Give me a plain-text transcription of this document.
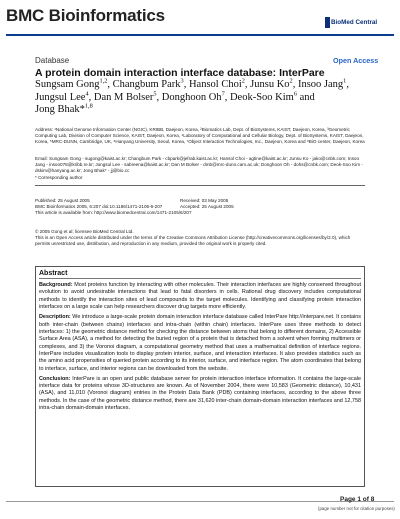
BMC Bioinformatics	BioMed Central
Database	Open Access
A protein domain interaction interface database: InterPare
Sungsam Gong$^{1,2}$, Changbum Park$^3$, Hansol Choi$^2$, Junsu Ko$^2$, Insoo Jang$^1$,
Jungsul Lee$^4$, Dan M Bolser$^5$, Donghoon Oh$^7$, Deok-Soo Kim$^6$ and
Jong Bhak*$^{1,8}$
Address: ¹National Genome Information Center (NGIC), KRIBB, Daejeon, Korea, ²Biomatics Lab, Dept. of BioSystems, KAIST, Daejeon, Korea, ³Geometric Computing Lab, Division of Computer Science, KAIST, Daejeon, Korea, ⁴Laboratory of Computational and Cellular Biology, Dept. of BioSystems, KAIST, Daejeon, Korea, ⁵MRC-DUNN, Cambridge, UK, ⁶Hanyang University, Seoul, Korea, ⁷Object Interaction Technologies, Inc., Daejeon, Korea and ⁸BiO center, Daejeon, Korea
Email: Sungsam Gong - sugong@kaist.ac.kr; Changbum Park - cbpark@jefrab.kaist.ac.kr; Hansol Choi - agtine@kaist.ac.kr; Junsu Ko - jako@cnbk.com; Insoo Jang - insoo078@kribb.re.kr; Jungsul Lee - sabreena@kaist.ac.kr; Dan M Bolser - dmb@mrc-dunn.cam.ac.uk; Donghoon Oh - dohs@cnbk.com; Deok-Soo Kim - dskim@hanyang.ac.kr; Jong Bhak* - jj@bio.cc
* Corresponding author
Published: 25 August 2005	Received: 03 May 2005
BMC Bioinformatics 2005, 6:207 doi:10.1186/1471-2105-6-207	Accepted: 25 August 2005
This article is available from: http://www.biomedcentral.com/1471-2105/6/207
© 2005 Gong et al; licensee BioMed Central Ltd.
This is an Open Access article distributed under the terms of the Creative Commons Attribution License (http://creativecommons.org/licenses/by/2.0), which permits unrestricted use, distribution, and reproduction in any medium, provided the original work is properly cited.
Abstract
Background: Most proteins function by interacting with other molecules. Their interaction interfaces are highly conserved throughout evolution to avoid undesirable interactions that lead to fatal disorders in cells. Rational drug discovery includes computational methods to identify the interaction sites of lead compounds to the target molecules. Identifying and classifying protein interaction interfaces on a large scale can help researchers discover drug targets more efficiently.
Description: We introduce a large-scale protein domain interaction interface database called InterPare http://interpare.net. It contains both inter-chain (between chains) interfaces and intra-chain (within chain) interfaces. InterPare uses three methods to detect interfaces: 1) the geometric distance method for checking the distance between atoms that belong to different domains, 2) Accessible Surface Area (ASA), a method for detecting the buried region of a protein that is detached from a solvent when forming multimers or complexes, and 3) the Voronoi diagram, a computational geometry method that uses a mathematical definition of interface regions. InterPare includes visualization tools to display protein interior, surface, and interaction interfaces. It also provides statistics such as the amino acid propensities of queried protein according to its interior, surface, and interface region. The atom coordinates that belong to interface, surface, and interior regions can be downloaded from the website.
Conclusion: InterPare is an open and public database server for protein interaction interface information. It contains the large-scale interface data for proteins whose 3D-structures are known. As of November 2004, there were 10,583 (Geometric distance), 10,431 (ASA), and 11,010 (Voronoi diagram) entries in the Protein Data Bank (PDB) containing interfaces, according to the above three methods. In the case of the geometric distance method, there are 31,620 inter-chain domain-domain interaction interfaces and 12,758 intra-chain domain-domain interfaces.
Page 1 of 8
(page number not for citation purposes)
